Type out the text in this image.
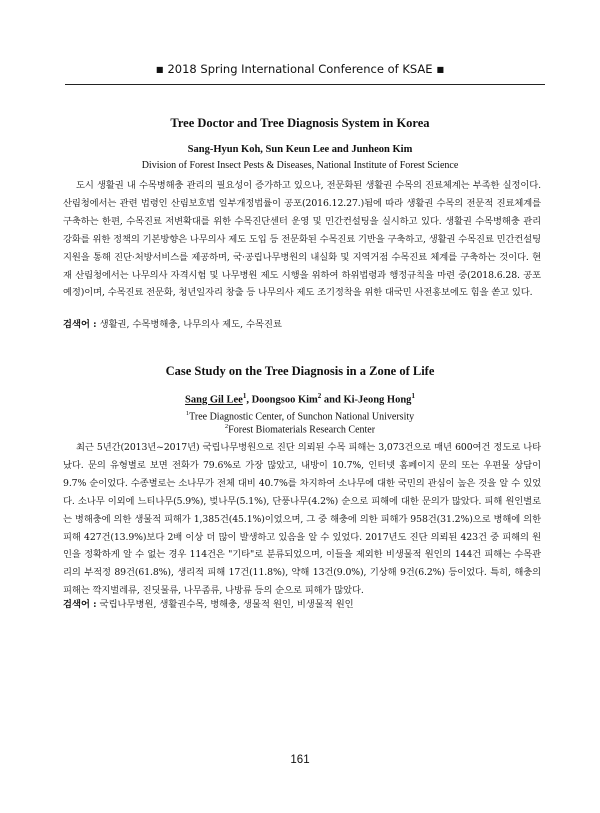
■ 2018 Spring International Conference of KSAE ■
Tree Doctor and Tree Diagnosis System in Korea
Sang-Hyun Koh, Sun Keun Lee and Junheon Kim
Division of Forest Insect Pests & Diseases, National Institute of Forest Science

도시 생활권 내 수목병해충 관리의 필요성이 증가하고 있으나, 전문화된 생활권 수목의 진료체계는 부족한 실정이다. 산림청에서는 관련 법령인 산림보호법 일부개정법률이 공포(2016.12.27.)됨에 따라 생활권 수목의 전문적 진료체계를 구축하는 한편, 수목진료 저변확대를 위한 수목진단센터 운영 및 민간컨설팅을 실시하고 있다. 생활권 수목병해충 관리 강화를 위한 정책의 기본방향은 나무의사 제도 도입 등 전문화된 수목진료 기반을 구축하고, 생활권 수목진료 민간컨설팅 지원을 통해 진단·처방서비스를 제공하며, 국·공립나무병원의 내실화 및 지역거점 수목진료 체계를 구축하는 것이다. 현재 산림청에서는 나무의사 자격시험 및 나무병원 제도 시행을 위하여 하위법령과 행정규칙을 마련 중(2018.6.28. 공포 예정)이며, 수목진료 전문화, 청년일자리 창출 등 나무의사 제도 조기정착을 위한 대국민 사전홍보에도 힘을 쏟고 있다.

검색어 : 생활권, 수목병해충, 나무의사 제도, 수목진료
Case Study on the Tree Diagnosis in a Zone of Life
Sang Gil Lee$^1$, Doongsoo Kim$^2$ and Ki-Jeong Hong$^1$
$^1$Tree Diagnostic Center, of Sunchon National University
$^2$Forest Biomaterials Research Center

최근 5년간(2013년~2017년) 국립나무병원으로 진단 의뢰된 수목 피해는 3,073건으로 매년 600여건 정도로 나타났다. 문의 유형별로 보면 전화가 79.6%로 가장 많았고, 내방이 10.7%, 인터넷 홈페이지 문의 또는 우편물 상담이 9.7% 순이었다. 수종별로는 소나무가 전체 대비 40.7%를 차지하여 소나무에 대한 국민의 관심이 높은 것을 알 수 있었다. 소나무 이외에 느티나무(5.9%), 벚나무(5.1%), 단풍나무(4.2%) 순으로 피해에 대한 문의가 많았다. 피해 원인별로는 병해충에 의한 생물적 피해가 1,385건(45.1%)이었으며, 그 중 해충에 의한 피해가 958건(31.2%)으로 병해에 의한 피해 427건(13.9%)보다 2배 이상 더 많이 발생하고 있음을 알 수 있었다. 2017년도 진단 의뢰된 423건 중 피해의 원인을 정확하게 알 수 없는 경우 114건은 "기타"로 분류되었으며, 이들을 제외한 비생물적 원인의 144건 피해는 수목관리의 부적정 89건(61.8%), 생리적 피해 17건(11.8%), 약해 13건(9.0%), 기상해 9건(6.2%) 등이었다. 특히, 해충의 피해는 깍지벌레류, 진딧물류, 나무좀류, 나방류 등의 순으로 피해가 많았다.

검색어 : 국립나무병원, 생활권수목, 병해충, 생물적 원인, 비생물적 원인
161
